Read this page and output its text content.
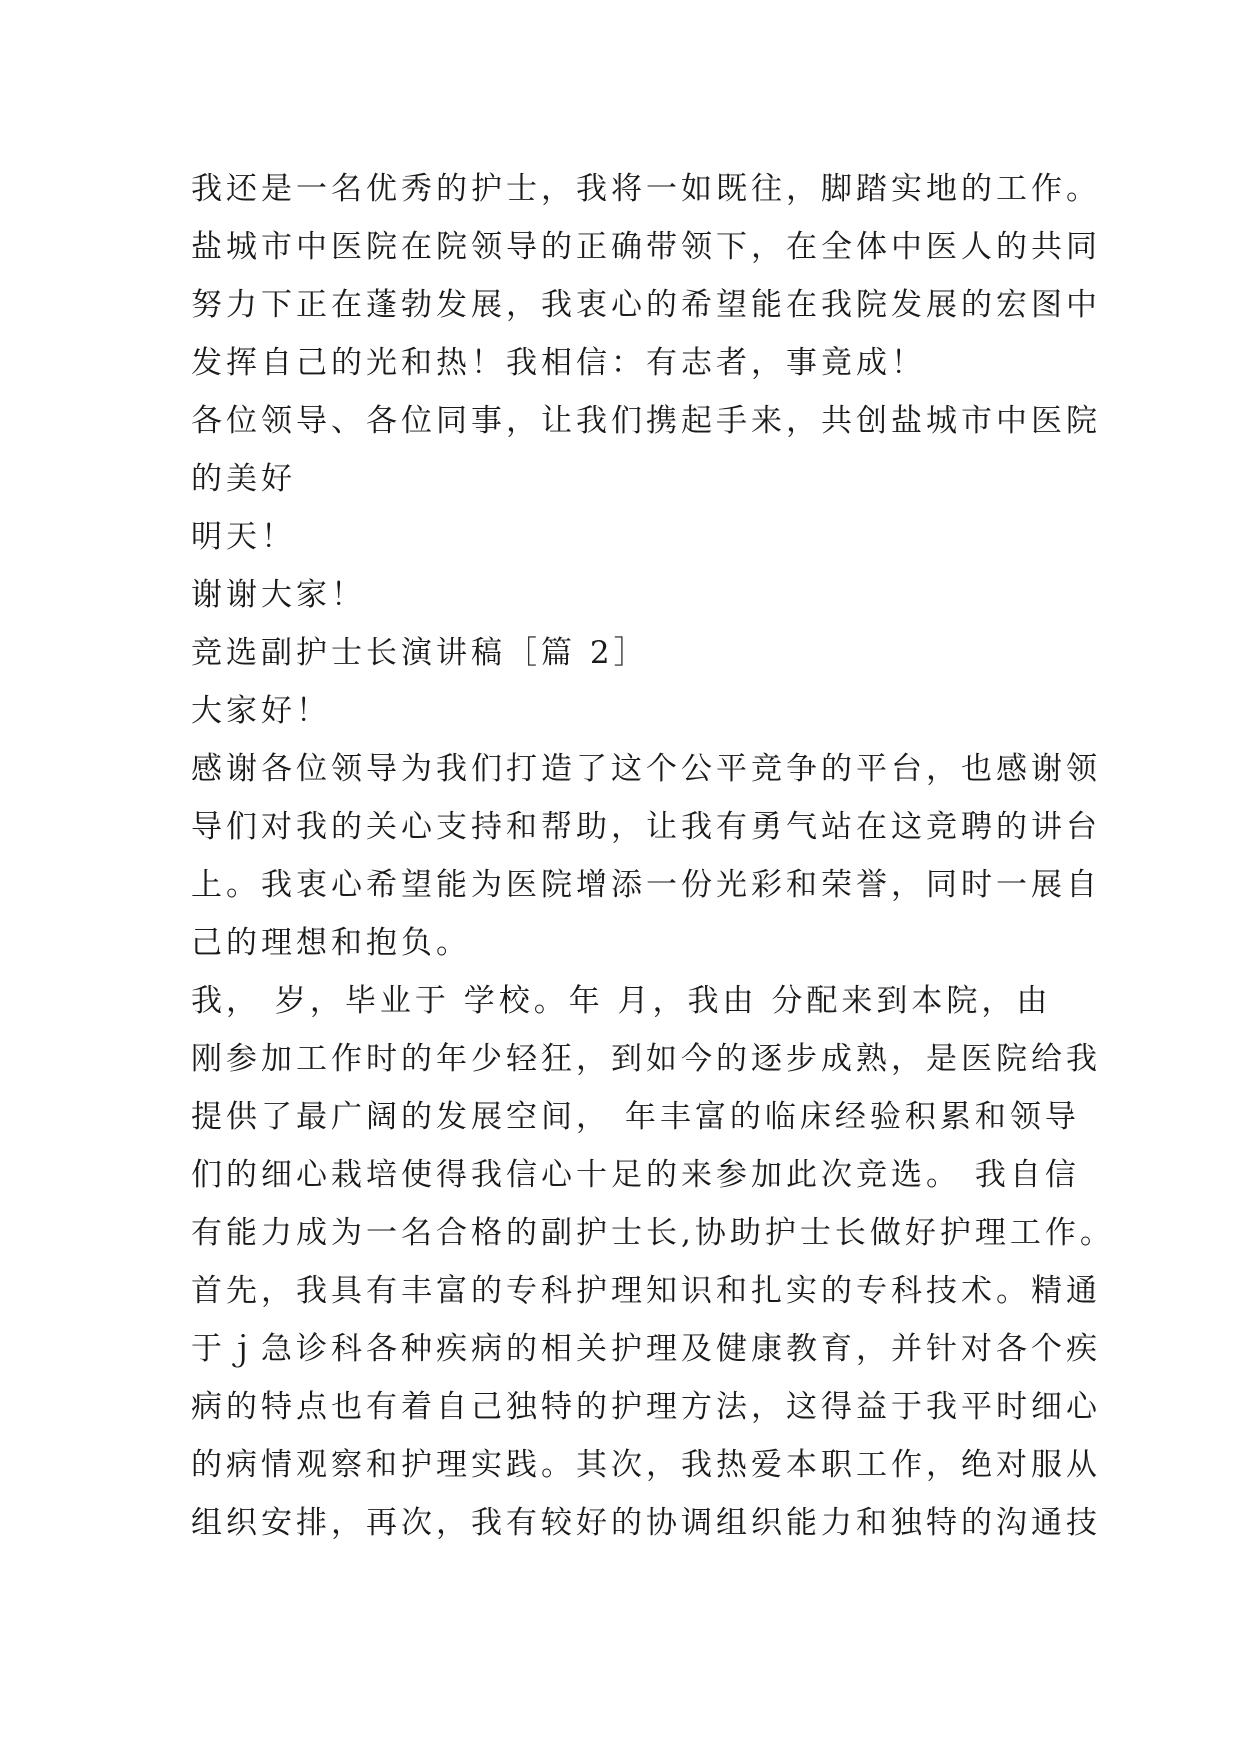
我还是一名优秀的护士，我将一如既往，脚踏实地的工作。

盐城市中医院在院领导的正确带领下，在全体中医人的共同

努力下正在蓬勃发展，我衷心的希望能在我院发展的宏图中

发挥自己的光和热！我相信：有志者，事竟成！

各位领导、各位同事，让我们携起手来，共创盐城市中医院

的美好

明天！

谢谢大家！

竞选副护士长演讲稿［篇 2］

大家好！

感谢各位领导为我们打造了这个公平竞争的平台，也感谢领

导们对我的关心支持和帮助，让我有勇气站在这竞聘的讲台

上。我衷心希望能为医院增添一份光彩和荣誉，同时一展自

己的理想和抱负。

我， 岁，毕业于 学校。年 月，我由 分配来到本院，由

刚参加工作时的年少轻狂，到如今的逐步成熟，是医院给我

提供了最广阔的发展空间， 年丰富的临床经验积累和领导

们的细心栽培使得我信心十足的来参加此次竞选。 我自信

有能力成为一名合格的副护士长,协助护士长做好护理工作。

首先，我具有丰富的专科护理知识和扎实的专科技术。精通

于ｊ急诊科各种疾病的相关护理及健康教育，并针对各个疾

病的特点也有着自己独特的护理方法，这得益于我平时细心

的病情观察和护理实践。其次，我热爱本职工作，绝对服从

组织安排，再次，我有较好的协调组织能力和独特的沟通技
